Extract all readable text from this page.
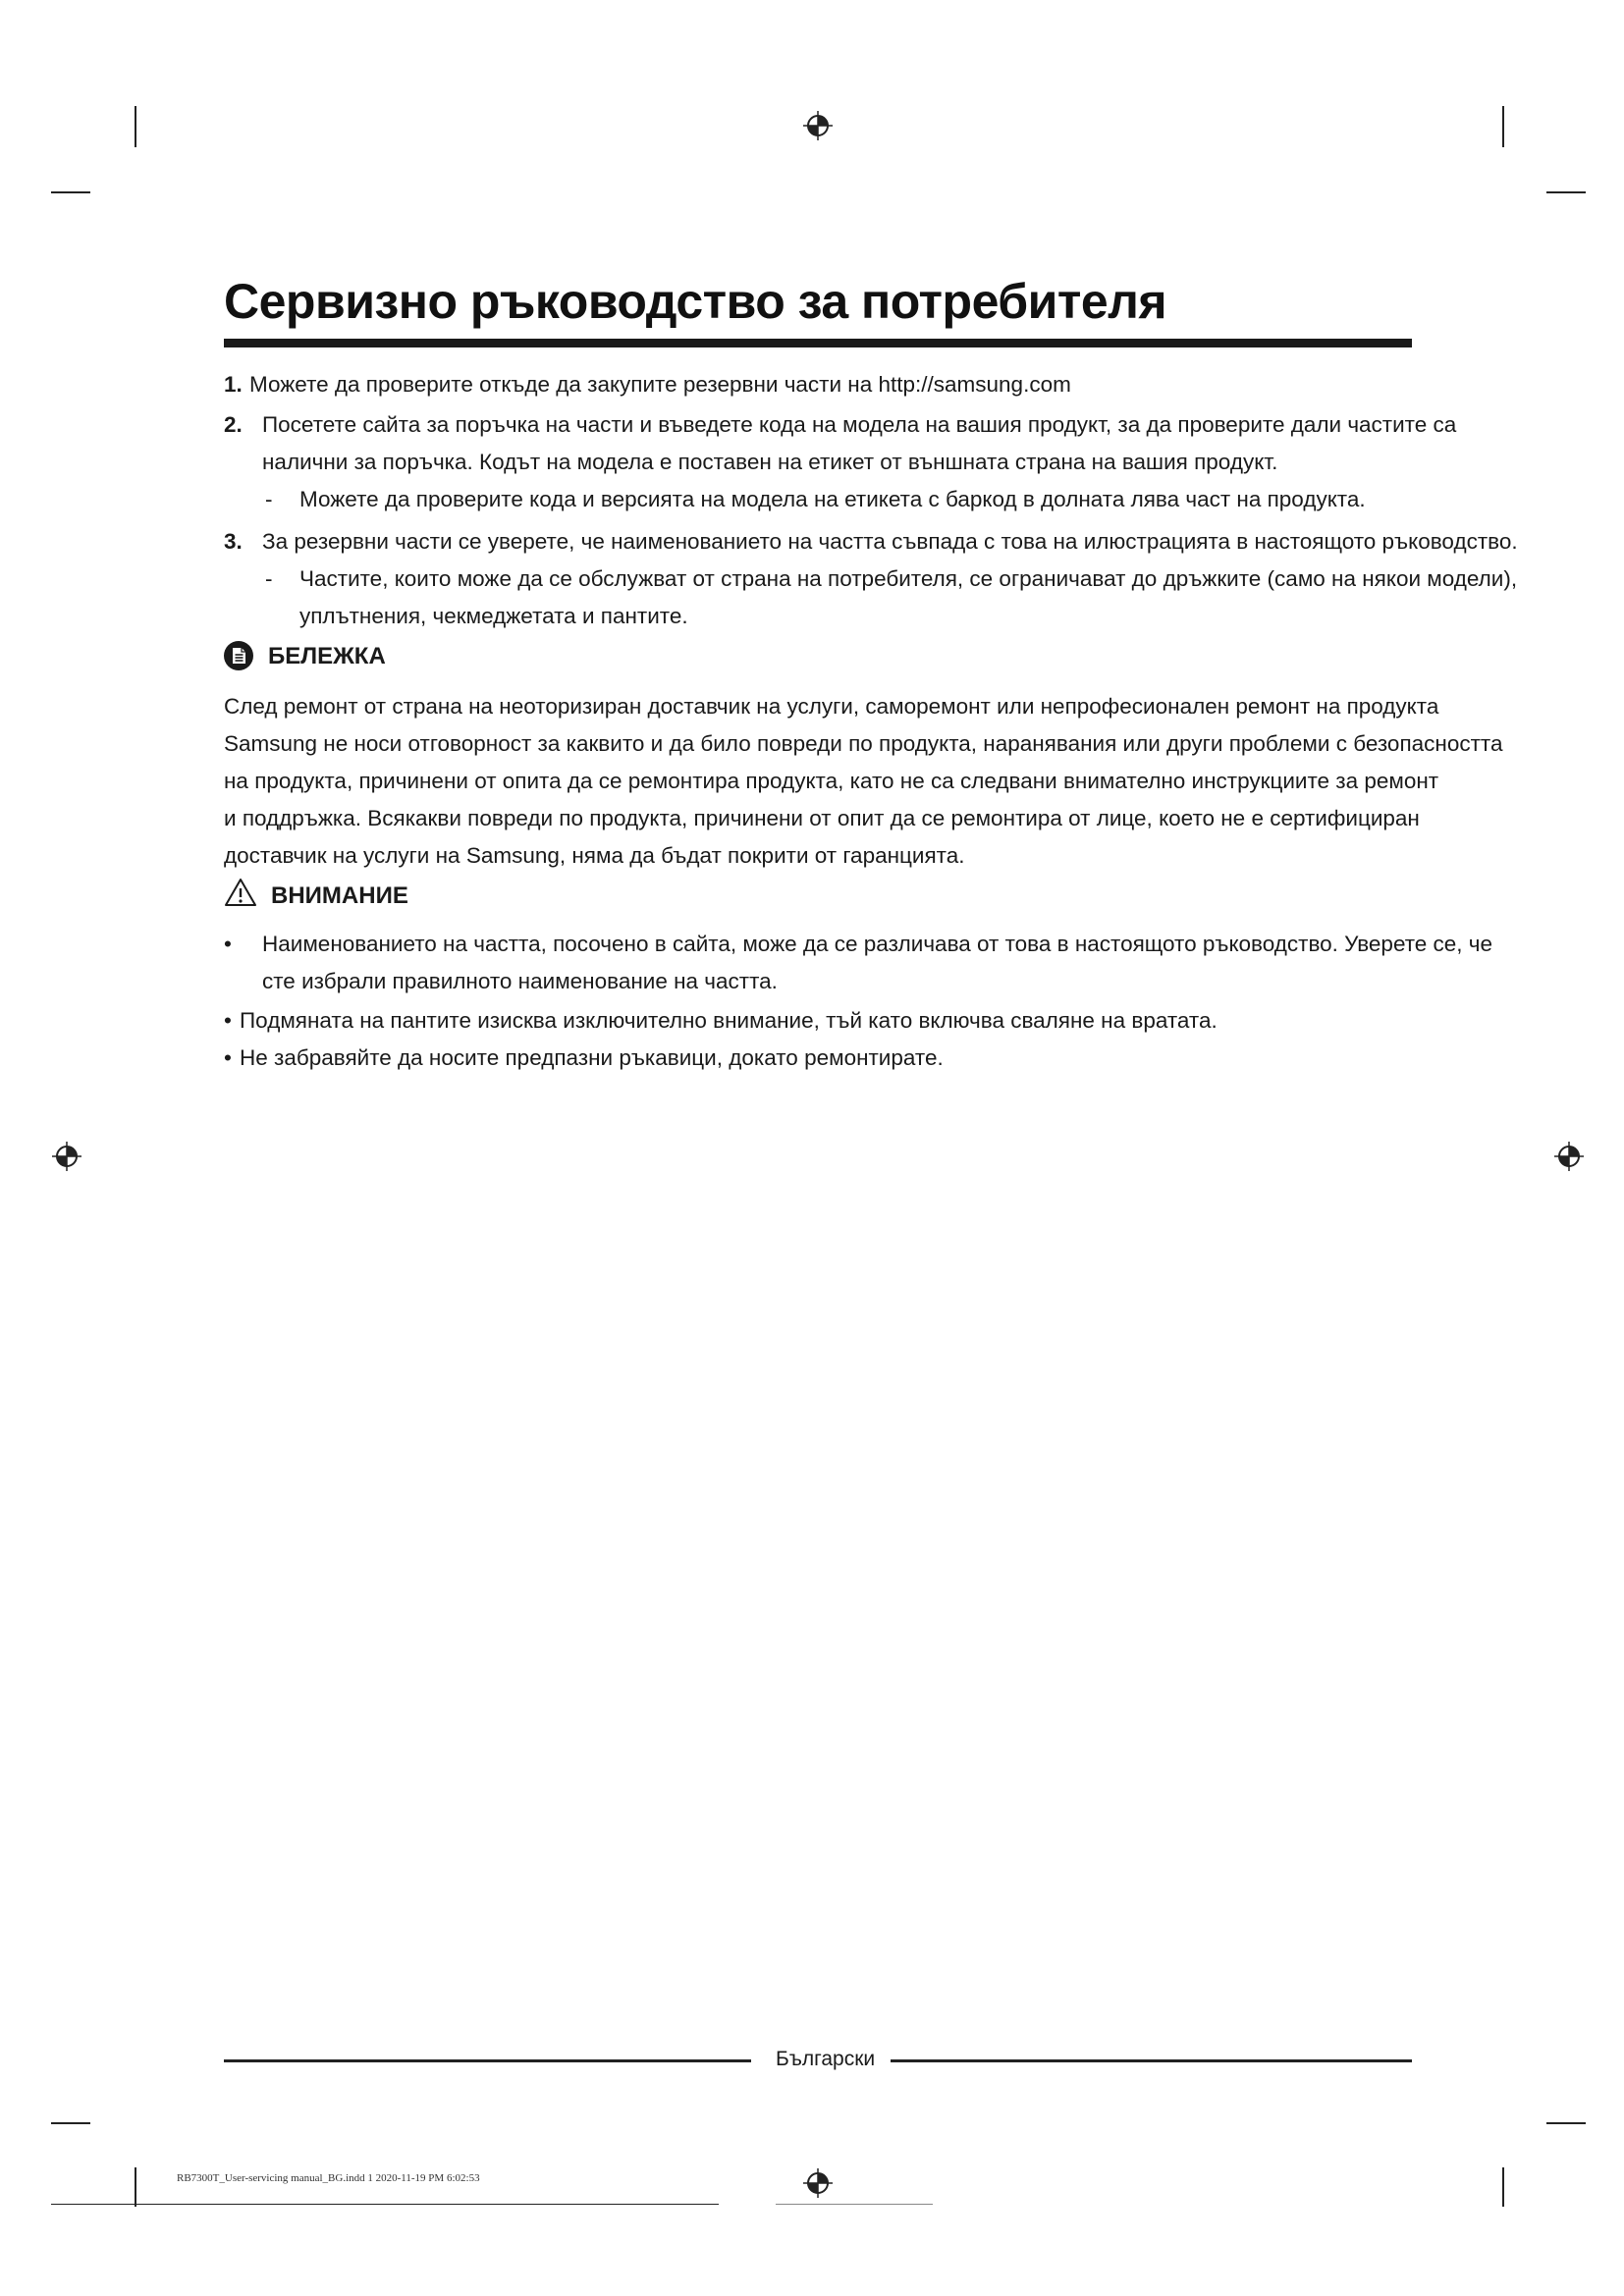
Сервизно ръководство за потребителя
1. Можете да проверите откъде да закупите резервни части на http://samsung.com
2. Посетете сайта за поръчка на части и въведете кода на модела на вашия продукт, за да проверите дали частите са
налични за поръчка. Кодът на модела е поставен на етикет от външната страна на вашия продукт.
- Можете да проверите кода и версията на модела на етикета с баркод в долната лява част на продукта.
3. За резервни части се уверете, че наименованието на частта съвпада с това на илюстрацията в настоящото ръководство.
- Частите, които може да се обслужват от страна на потребителя, се ограничават до дръжките (само на някои модели),
уплътнения, чекмеджетата и пантите.
БЕЛЕЖКА
След ремонт от страна на неоторизиран доставчик на услуги, саморемонт или непрофесионален ремонт на продукта
Samsung не носи отговорност за каквито и да било повреди по продукта, наранявания или други проблеми с безопасността
на продукта, причинени от опита да се ремонтира продукта, като не са следвани внимателно инструкциите за ремонт
и поддръжка. Всякакви повреди по продукта, причинени от опит да се ремонтира от лице, което не е сертифициран
доставчик на услуги на Samsung, няма да бъдат покрити от гаранцията.
ВНИМАНИЕ
• Наименованието на частта, посочено в сайта, може да се различава от това в настоящото ръководство. Уверете се, че
сте избрали правилното наименование на частта.
• Подмяната на пантите изисква изключително внимание, тъй като включва сваляне на вратата.
• Не забравяйте да носите предпазни ръкавици, докато ремонтирате.
Български
RB7300T_User-servicing manual_BG.indd 1 2020-11-19 PM 6:02:53
